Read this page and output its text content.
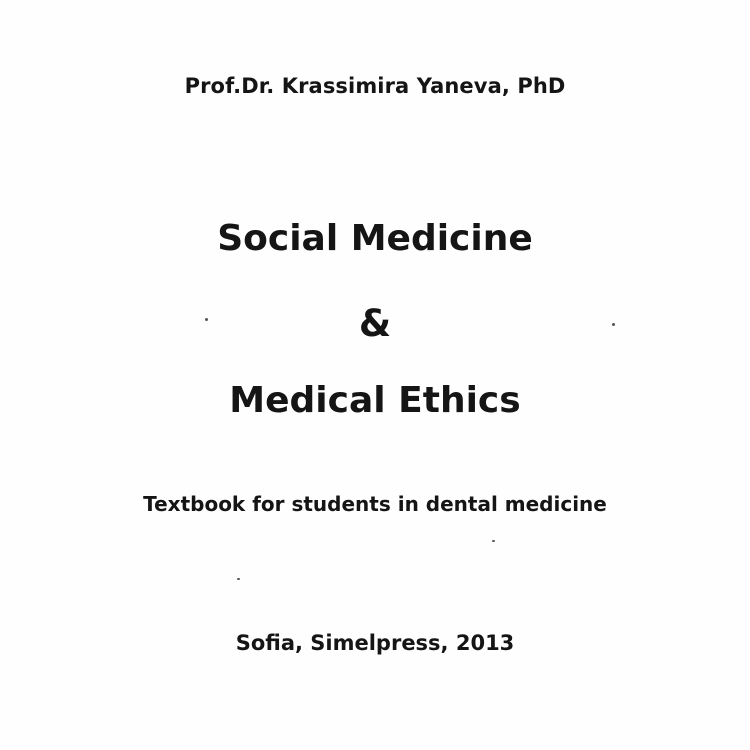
Prof.Dr. Krassimira Yaneva, PhD
Social Medicine
&
Medical Ethics
Textbook for students in dental medicine
Sofia, Simelpress, 2013
